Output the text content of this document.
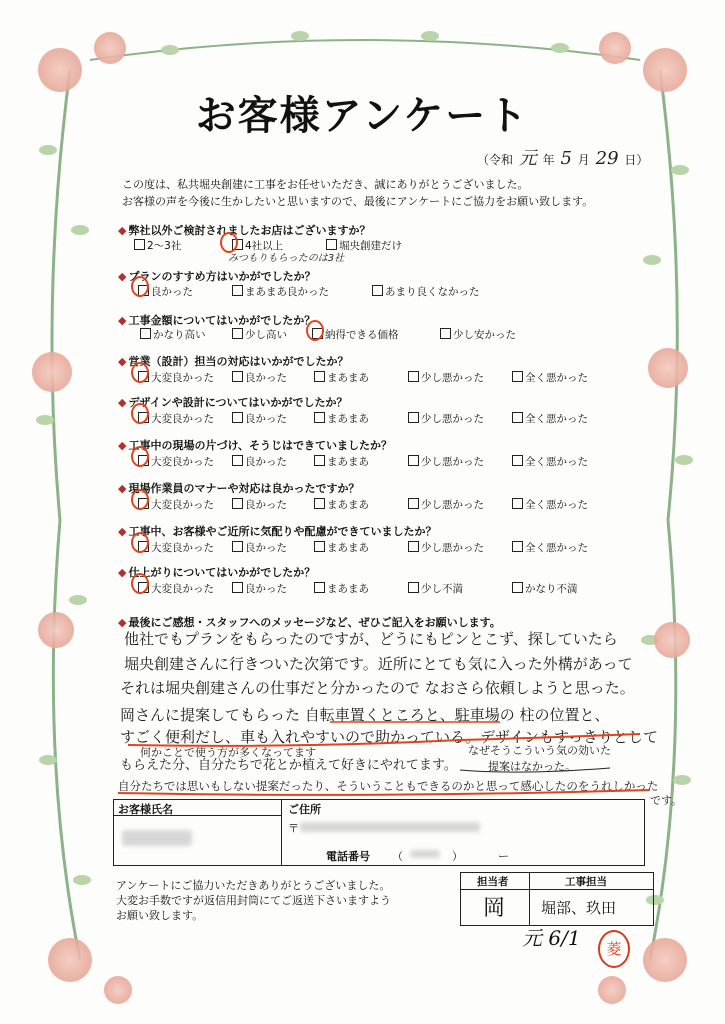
お客様アンケート
（令和 元 年 5 月 29 日）
この度は、私共堀央創建に工事をお任せいただき、誠にありがとうございました。
お客様の声を今後に生かしたいと思いますので、最後にアンケートにご協力をお願い致します。
◆ 弊社以外ご検討されましたお店はございますか？
2～3社	4社以上	堀央創建だけ
みつもりもらったのは3社
◆ プランのすすめ方はいかがでしたか？
良かった	まあまあ良かった	あまり良くなかった
◆ 工事金額についてはいかがでしたか？
かなり高い	少し高い	納得できる価格	少し安かった
◆ 営業（設計）担当の対応はいかがでしたか？
大変良かった	良かった	まあまあ	少し悪かった	全く悪かった
◆ デザインや設計についてはいかがでしたか？
大変良かった	良かった	まあまあ	少し悪かった	全く悪かった
◆ 工事中の現場の片づけ、そうじはできていましたか？
大変良かった	良かった	まあまあ	少し悪かった	全く悪かった
◆ 現場作業員のマナーや対応は良かったですか？
大変良かった	良かった	まあまあ	少し悪かった	全く悪かった
◆ 工事中、お客様やご近所に気配りや配慮ができていましたか？
大変良かった	良かった	まあまあ	少し悪かった	全く悪かった
◆ 仕上がりについてはいかがでしたか？
大変良かった	良かった	まあまあ	少し不満	かなり不満
◆ 最後にご感想・スタッフへのメッセージなど、ぜひご記入をお願いします。
他社でもプランをもらったのですが、どうにもピンとこず、探していたら
堀央創建さんに行きついた次第です。近所にとても気に入った外構があって
それは堀央創建さんの仕事だと分かったので なおさら依頼しようと思った。
岡さんに提案してもらった 自転車置くところと、駐車場の 柱の位置と、
すごく便利だし、車も入れやすいので助かっている。デザインもすっきりとして
何かことで使う方が多くなってます	なぜそうこういう気の効いた
提案はなかった。
もらえた分、自分たちで花とか植えて好きにやれてます。
自分たちでは思いもしない提案だったり、そういうこともできるのかと思って感心したのをうれしかった
です。
お客様氏名	ご住所
〒
電話番号 （	）	ー
アンケートにご協力いただきありがとうございました。
大変お手数ですが返信用封筒にてご返送下さいますよう
お願い致します。
担当者	工事担当
岡 堀部、玖田
元 6/1	菱
